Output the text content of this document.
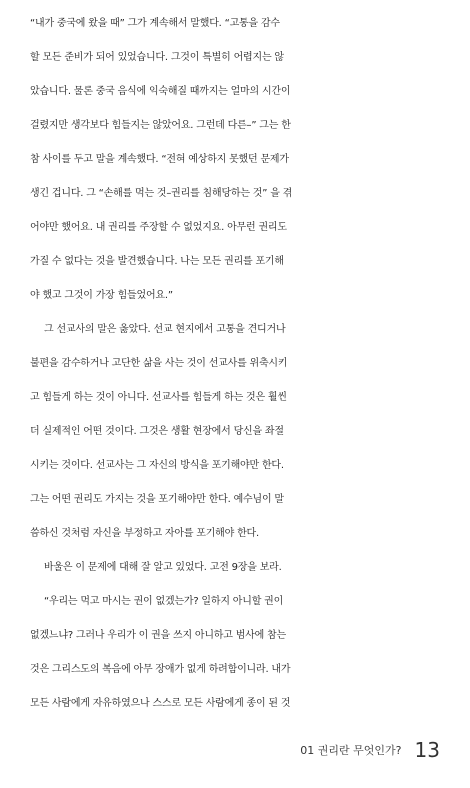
“내가 중국에 왔을 때” 그가 계속해서 말했다. “고통을 감수
할 모든 준비가 되어 있었습니다. 그것이 특별히 어렵지는 않
았습니다. 물론 중국 음식에 익숙해질 때까지는 얼마의 시간이
걸렸지만 생각보다 힘들지는 않았어요. 그런데 다른–” 그는 한
참 사이를 두고 말을 계속했다. “전혀 예상하지 못했던 문제가
생긴 겁니다. 그 “손해를 먹는 것–권리를 침해당하는 것” 을 겪
어야만 했어요. 내 권리를 주장할 수 없었지요. 아무런 권리도
가질 수 없다는 것을 발견했습니다. 나는 모든 권리를 포기해
야 했고 그것이 가장 힘들었어요.”
그 선교사의 말은 옳았다. 선교 현지에서 고통을 견디거나
불편을 감수하거나 고단한 삶을 사는 것이 선교사를 위축시키
고 힘들게 하는 것이 아니다. 선교사를 힘들게 하는 것은 훨씬
더 실제적인 어떤 것이다. 그것은 생활 현장에서 당신을 좌절
시키는 것이다. 선교사는 그 자신의 방식을 포기해야만 한다.
그는 어떤 권리도 가지는 것을 포기해야만 한다. 예수님이 말
씀하신 것처럼 자신을 부정하고 자아를 포기해야 한다.
바울은 이 문제에 대해 잘 알고 있었다. 고전 9장을 보라.
“우리는 먹고 마시는 권이 없겠는가? 일하지 아니할 권이
없겠느냐? 그러나 우리가 이 권을 쓰지 아니하고 범사에 참는
것은 그리스도의 복음에 아무 장애가 없게 하려함이니라. 내가
모든 사람에게 자유하였으나 스스로 모든 사람에게 종이 된 것
01 권리란 무엇인가? 13
